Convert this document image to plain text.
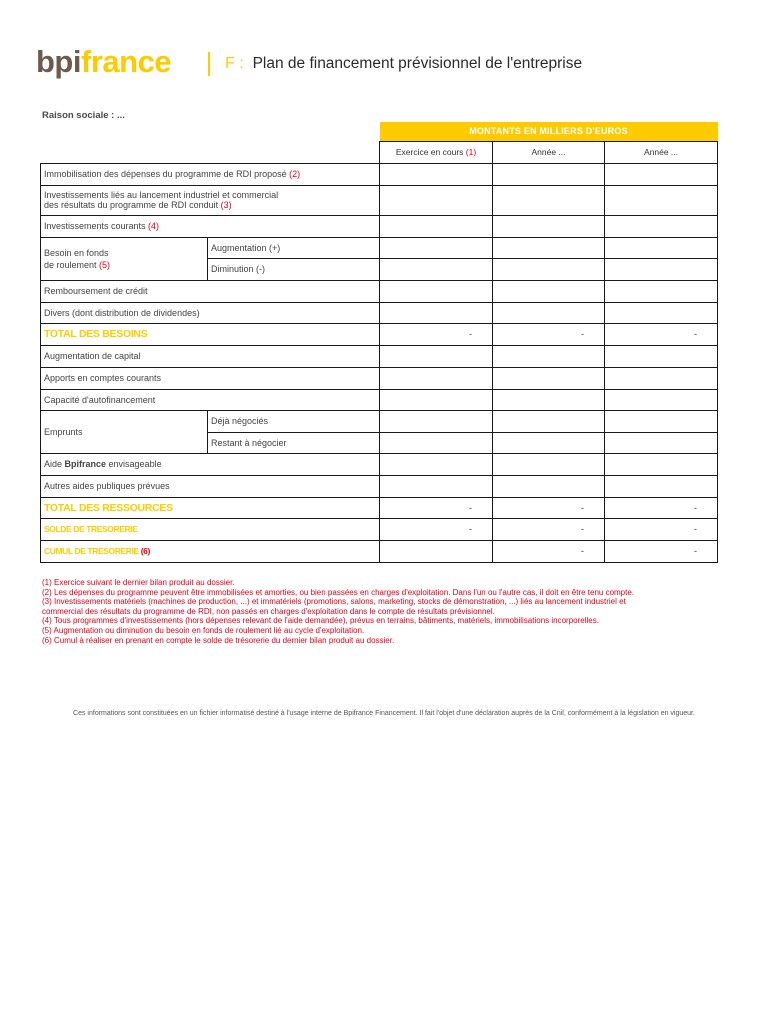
bpifrance	F :  Plan de financement prévisionnel de l'entreprise
Raison sociale : ...
		MONTANTS EN MILLIERS D'EUROS		
		Exercice en cours (1)	Année ...	Année ...
Immobilisation des dépenses du programme de RDI proposé (2)				
Investissements liés au lancement industriel et commercial
des résultats du programme de RDI conduit (3)				
Investissements courants (4)				
Besoin en fonds
de roulement (5)	Augmentation (+)			
	Diminution (-)			
Remboursement de crédit				
Divers (dont distribution de dividendes)				
TOTAL DES BESOINS		-	-	-
Augmentation de capital				
Apports en comptes courants				
Capacité d'autofinancement				
Emprunts	Déjà négociés			
	Restant à négocier			
Aide Bpifrance envisageable				
Autres aides publiques prévues				
TOTAL DES RESSOURCES		-	-	-
SOLDE DE TRESORERIE		-	-	-
CUMUL DE TRESORERIE (6)			-	-
(1) Exercice suivant le dernier bilan produit au dossier.
(2) Les dépenses du programme peuvent être immobilisées et amorties, ou bien passées en charges d'exploitation. Dans l'un ou l'autre cas, il doit en être tenu compte.
(3) Investissements matériels (machines de production, ...) et immatériels (promotions, salons, marketing, stocks de démonstration, ...) liés au lancement industriel et
commercial des résultats du programme de RDI, non passés en charges d'exploitation dans le compte de résultats prévisionnel.
(4) Tous programmes d'investissements (hors dépenses relevant de l'aide demandée), prévus en terrains, bâtiments, matériels, immobilisations incorporelles.
(5) Augmentation ou diminution du besoin en fonds de roulement lié au cycle d'exploitation.
(6) Cumul à réaliser en prenant en compte le solde de trésorerie du dernier bilan produit au dossier.
Ces informations sont constituées en un fichier informatisé destiné à l'usage interne de Bpifrance Financement. Il fait l'objet d'une déclaration auprès de la Cnil, conformément à la législation en vigueur.
